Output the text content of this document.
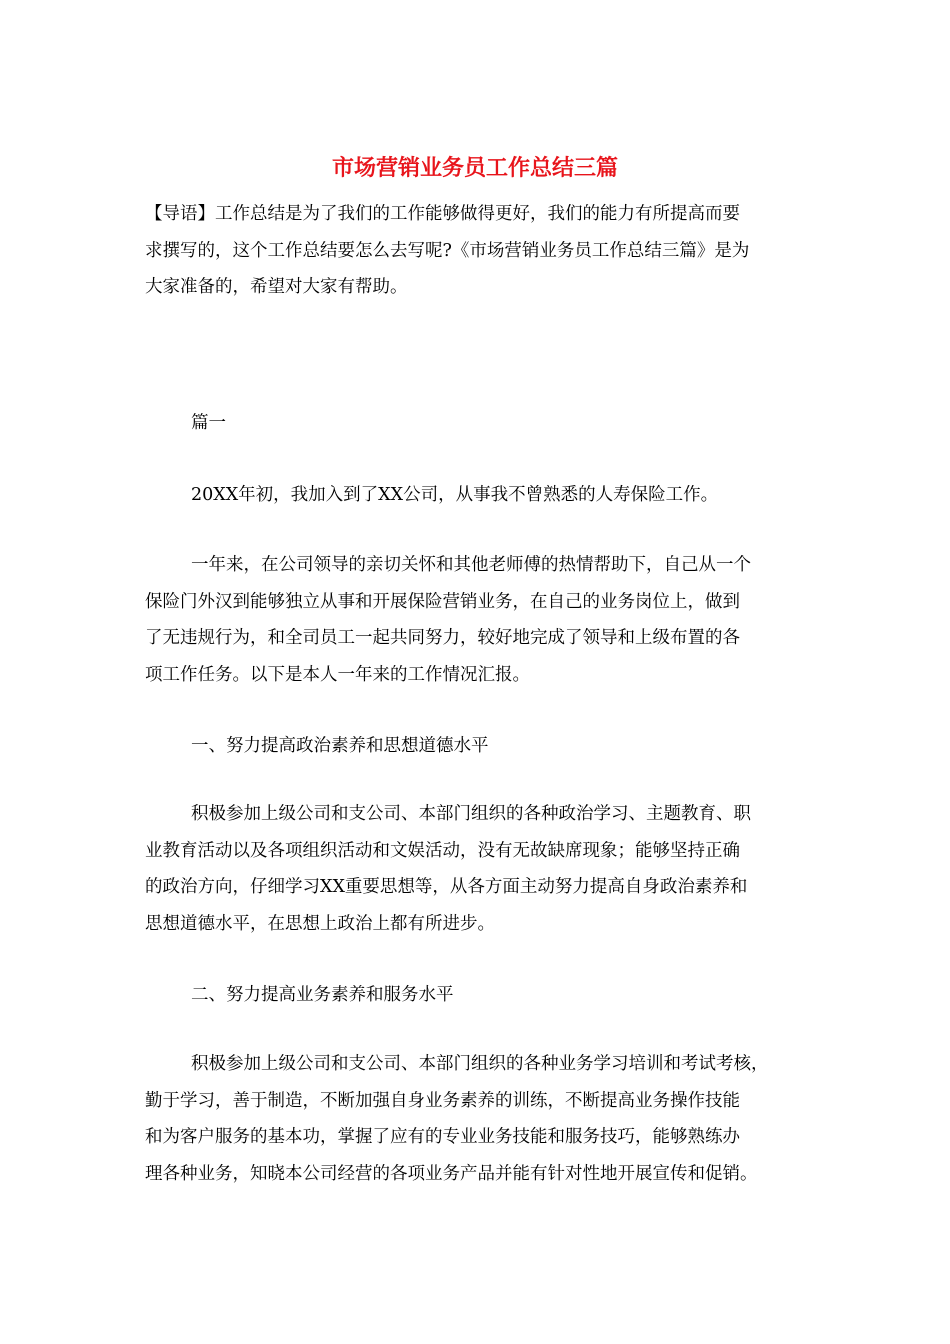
市场营销业务员工作总结三篇
【导语】工作总结是为了我们的工作能够做得更好，我们的能力有所提高而要
求撰写的，这个工作总结要怎么去写呢?《市场营销业务员工作总结三篇》是为
大家准备的，希望对大家有帮助。
篇一
20XX年初，我加入到了XX公司，从事我不曾熟悉的人寿保险工作。
一年来，在公司领导的亲切关怀和其他老师傅的热情帮助下，自己从一个
保险门外汉到能够独立从事和开展保险营销业务，在自己的业务岗位上，做到
了无违规行为，和全司员工一起共同努力，较好地完成了领导和上级布置的各
项工作任务。以下是本人一年来的工作情况汇报。
一、努力提高政治素养和思想道德水平
积极参加上级公司和支公司、本部门组织的各种政治学习、主题教育、职
业教育活动以及各项组织活动和文娱活动，没有无故缺席现象；能够坚持正确
的政治方向，仔细学习XX重要思想等，从各方面主动努力提高自身政治素养和
思想道德水平，在思想上政治上都有所进步。
二、努力提高业务素养和服务水平
积极参加上级公司和支公司、本部门组织的各种业务学习培训和考试考核，
勤于学习，善于制造，不断加强自身业务素养的训练，不断提高业务操作技能
和为客户服务的基本功，掌握了应有的专业业务技能和服务技巧，能够熟练办
理各种业务，知晓本公司经营的各项业务产品并能有针对性地开展宣传和促销。
